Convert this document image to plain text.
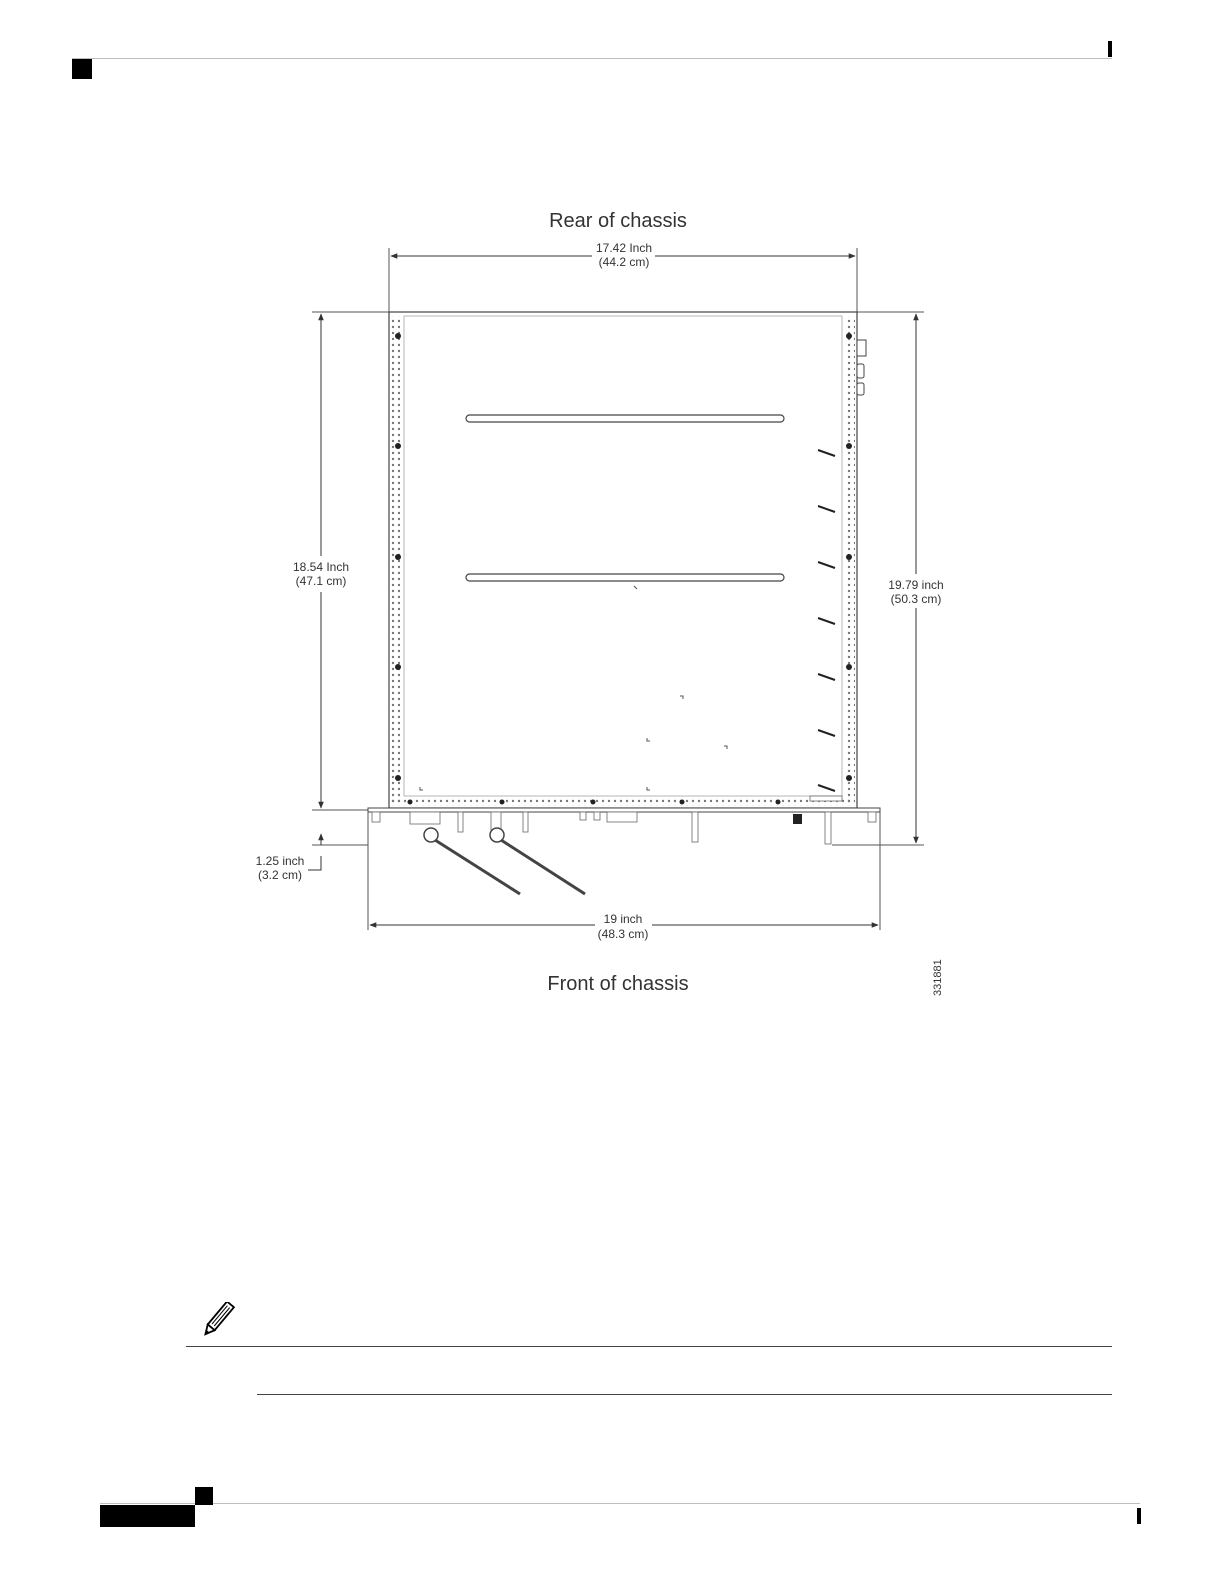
Rear of chassis
17.42 Inch
(44.2 cm)
18.54 Inch
(47.1 cm)	19.79 inch
(50.3 cm)
1.25 inch
(3.2 cm)
19 inch
(48.3 cm)
Front of chassis	331881
